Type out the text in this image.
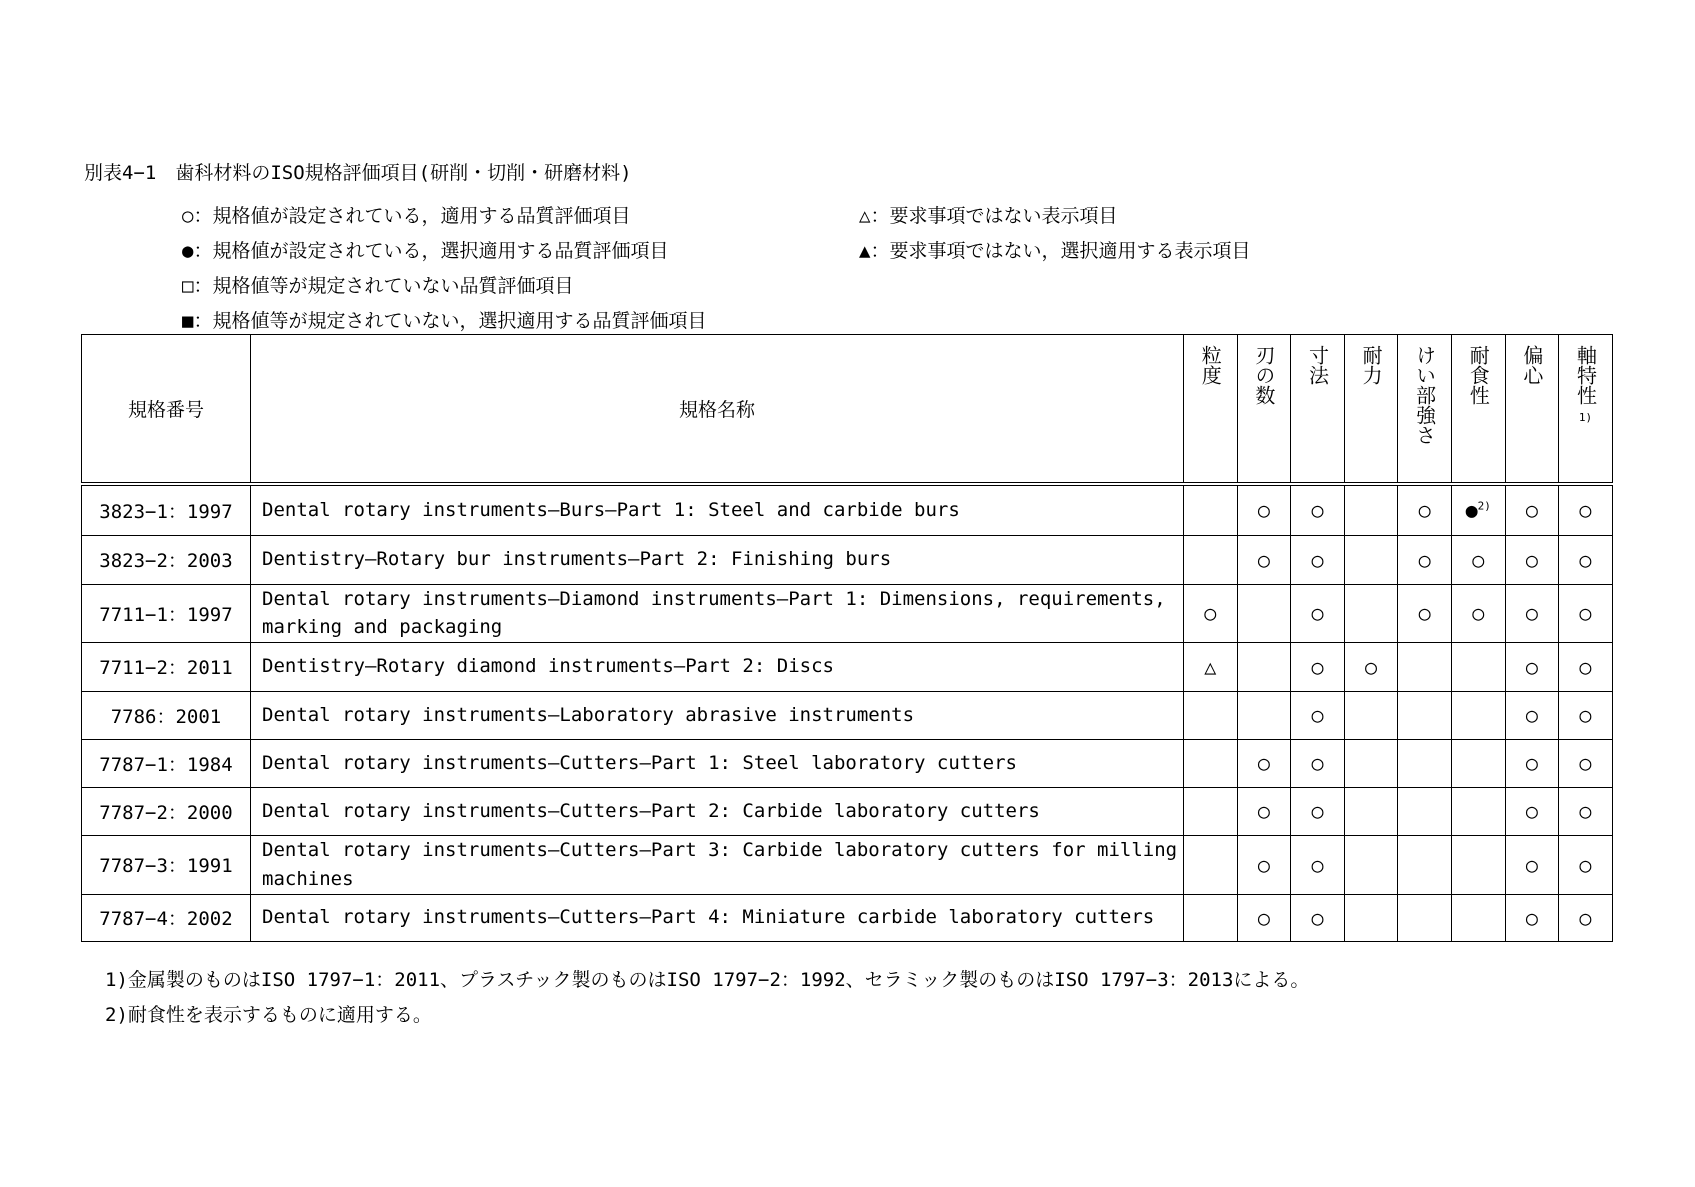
別表4−1　歯科材料のISO規格評価項目(研削・切削・研磨材料)
○：規格値が設定されている，適用する品質評価項目
●：規格値が設定されている，選択適用する品質評価項目
□：規格値等が規定されていない品質評価項目
■：規格値等が規定されていない，選択適用する品質評価項目
△：要求事項ではない表示項目
▲：要求事項ではない，選択適用する表示項目
規格番号	規格名称	粒度	刃の数	寸法	耐力	けい部強さ	耐食性	偏心	軸特性
1)

3823−1：1997	Dental rotary instruments—Burs—Part 1: Steel and carbide burs		○	○		○	●$^{2)}$	○	○
3823−2：2003	Dentistry—Rotary bur instruments—Part 2: Finishing burs		○	○		○	○	○	○
7711−1：1997	Dental rotary instruments—Diamond instruments—Part 1: Dimensions, requirements, marking and packaging	○		○		○	○	○	○
7711−2：2011	Dentistry—Rotary diamond instruments—Part 2: Discs	△		○	○			○	○
7786：2001	Dental rotary instruments—Laboratory abrasive instruments			○				○	○
7787−1：1984	Dental rotary instruments—Cutters—Part 1: Steel laboratory cutters		○	○				○	○
7787−2：2000	Dental rotary instruments—Cutters—Part 2: Carbide laboratory cutters		○	○				○	○
7787−3：1991	Dental rotary instruments—Cutters—Part 3: Carbide laboratory cutters for milling machines		○	○				○	○
7787−4：2002	Dental rotary instruments—Cutters—Part 4: Miniature carbide laboratory cutters		○	○				○	○
1)金属製のものはISO 1797−1：2011、プラスチック製のものはISO 1797−2：1992、セラミック製のものはISO 1797−3：2013による。
2)耐食性を表示するものに適用する。
